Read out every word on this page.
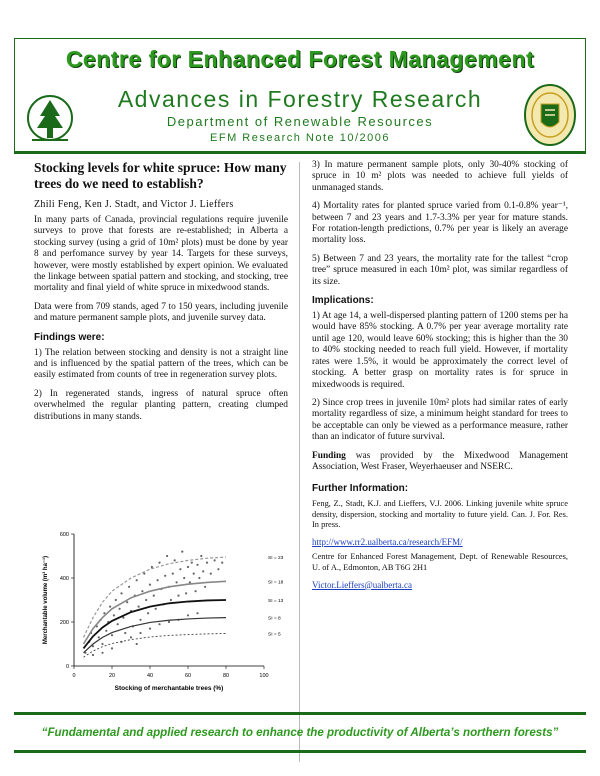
Centre for Enhanced Forest Management
Advances in Forestry Research
Department of Renewable Resources
EFM Research Note 10/2006
Stocking levels for white spruce: How many trees do we need to establish?
Zhili Feng, Ken J. Stadt, and Victor J. Lieffers

In many parts of Canada, provincial regulations require juvenile surveys to prove that forests are re-established; in Alberta a stocking survey (using a grid of 10m² plots) must be done by year 8 and perfomance survey by year 14. Targets for these surveys, however, were mostly established by expert opinion. We evaluated the linkage between spatial pattern and stocking, and stocking, tree mortality and final yield of white spruce in mixedwood stands.

Data were from 709 stands, aged 7 to 150 years, including juvenile and mature permanent sample plots, and juvenile survey data.

Findings were:

1) The relation between stocking and density is not a straight line and is influenced by the spatial pattern of the trees, which can be easily estimated from counts of tree in regeneration survey plots.

2) In regenerated stands, ingress of natural spruce often overwhelmed the regular planting pattern, creating clumped distributions in many stands.

0	20	40	60	80	100
0
200
400
600
SI = 23
SI = 18
SI = 13
SI = 8
SI = 5
Stocking of merchantable trees (%)
Merchantable volume (m³ ha⁻¹)

3) In mature permanent sample plots, only 30-40% stocking of spruce in 10 m² plots was needed to achieve full yields of unmanaged stands.

4) Mortality rates for planted spruce varied from 0.1-0.8% year⁻¹, between 7 and 23 years and 1.7-3.3% per year for mature stands. For rotation-length predictions, 0.7% per year is likely an average mortality loss.

5) Between 7 and 23 years, the mortality rate for the tallest “crop tree” spruce measured in each 10m² plot, was similar regardless of its size.

Implications:

1) At age 14, a well-dispersed planting pattern of 1200 stems per ha would have 85% stocking. A 0.7% per year average mortality rate until age 120, would leave 60% stocking; this is higher than the 30 to 40% stocking needed to reach full yield. However, if mortality rates were 1.5%, it would be approximately the correct level of stocking. A better grasp on mortality rates is for spruce in mixedwoods is required.

2) Since crop trees in juvenile 10m² plots had similar rates of early mortality regardless of size, a minimum height standard for trees to be acceptable can only be viewed as a performance measure, rather than an indicator of future survival.

Funding was provided by the Mixedwood Management Association, West Fraser, Weyerhaeuser and NSERC.

Further Information:

Feng, Z., Stadt, K.J. and Lieffers, V.J. 2006. Linking juvenile white spruce density, dispersion, stocking and mortality to future yield. Can. J. For. Res. In press.

http://www.rr2.ualberta.ca/research/EFM/

Centre for Enhanced Forest Management, Dept. of Renewable Resources, U. of A., Edmonton, AB T6G 2H1

Victor.Lieffers@ualberta.ca

“Fundamental and applied research to enhance the productivity of Alberta’s northern forests”
